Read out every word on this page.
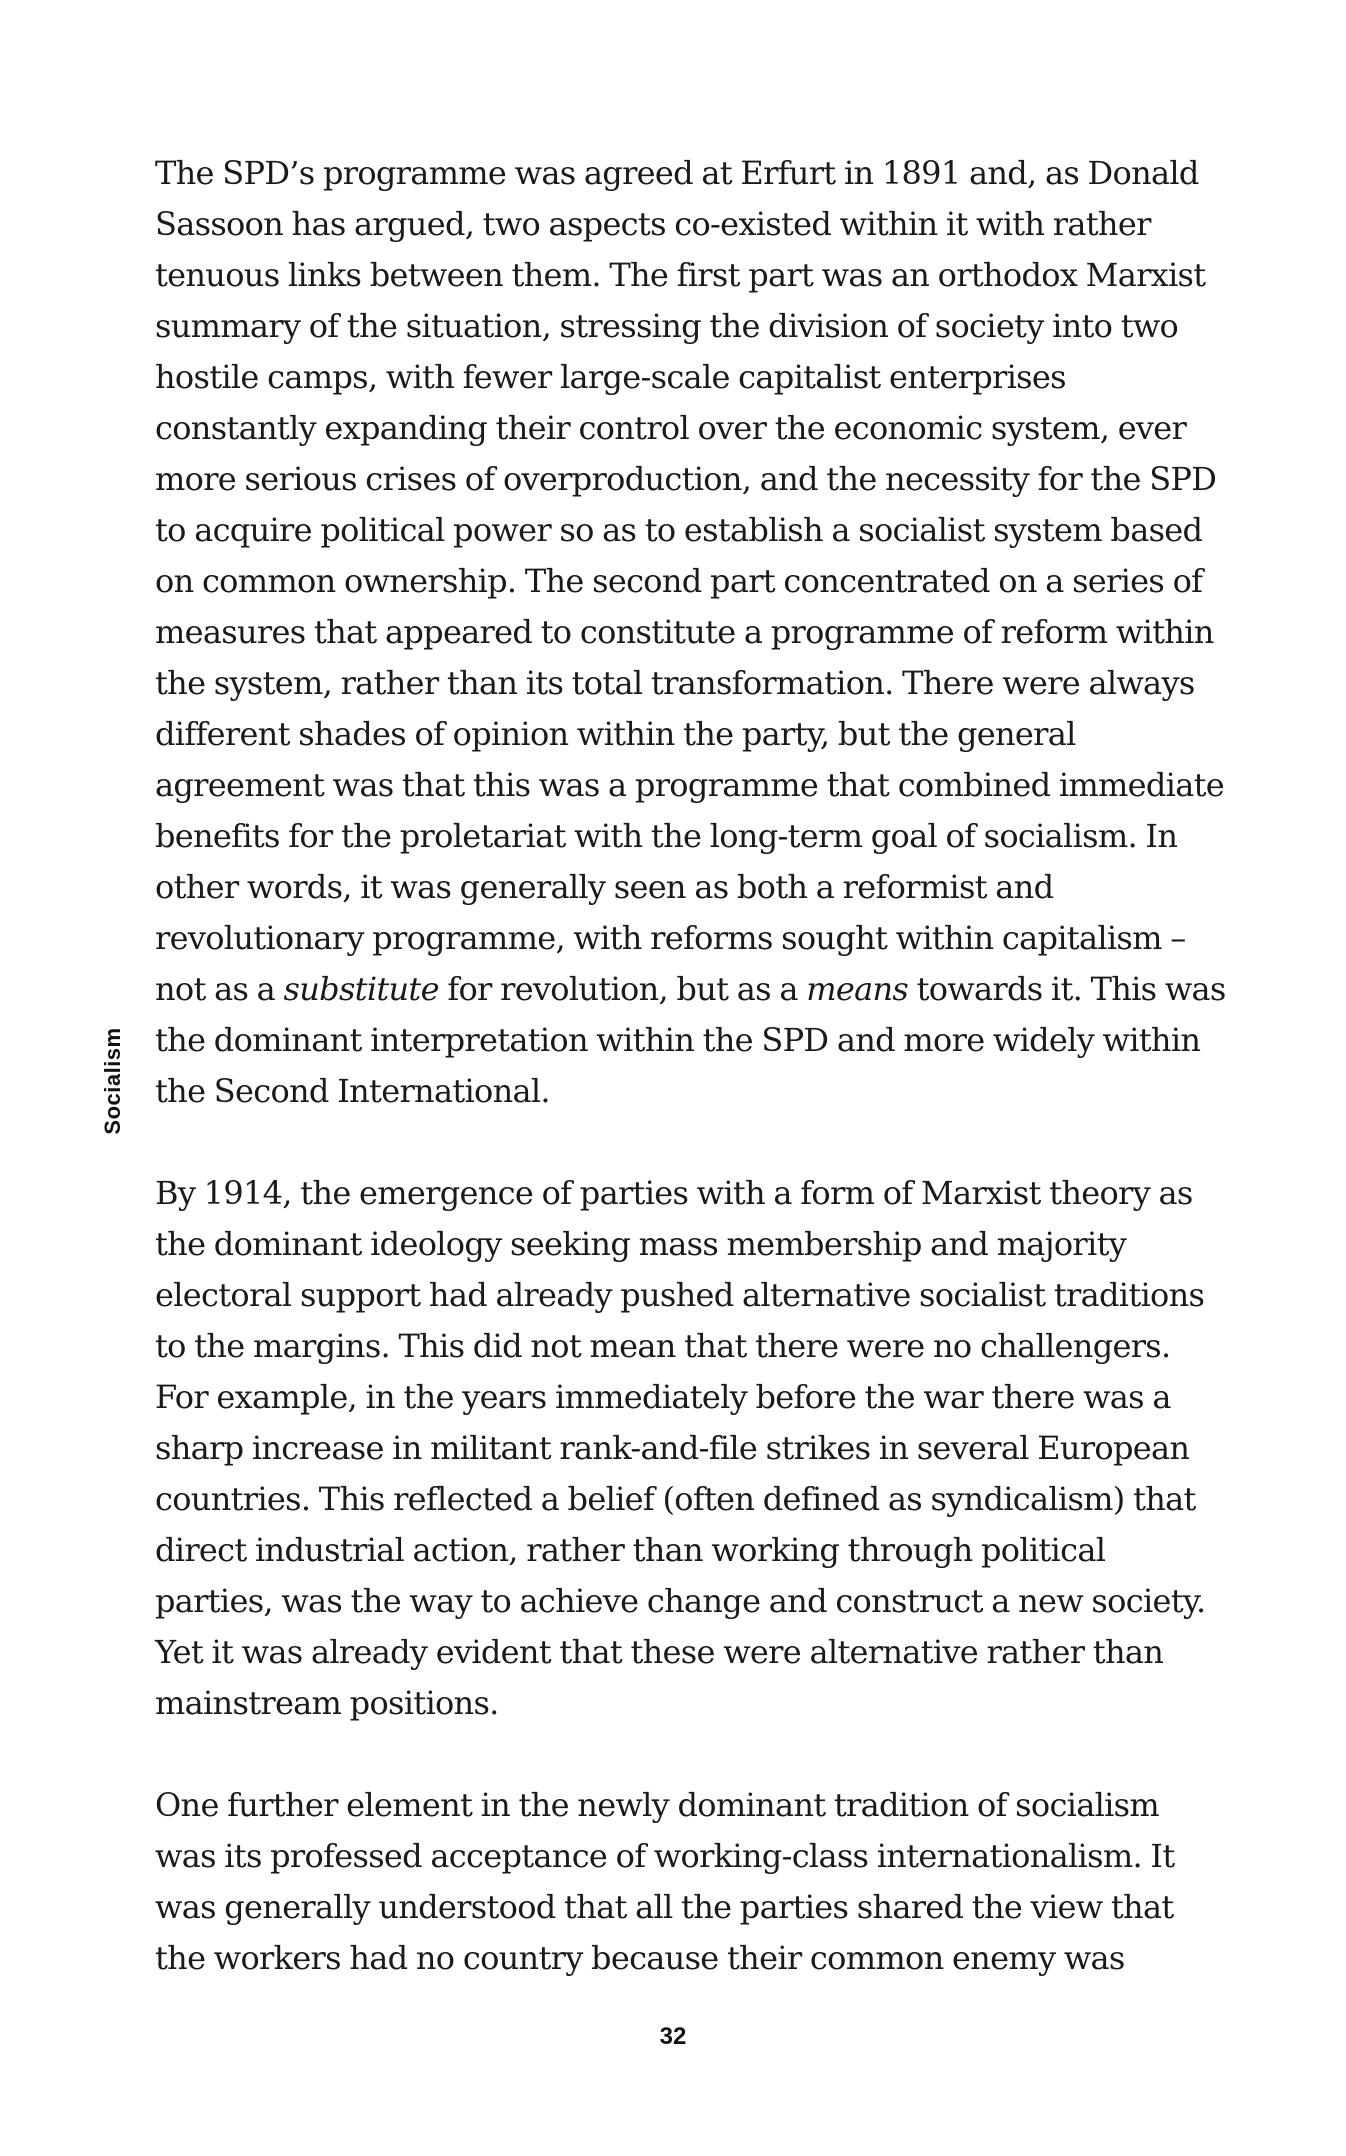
Socialism

The SPD’s programme was agreed at Erfurt in 1891 and, as Donald Sassoon has argued, two aspects co-existed within it with rather tenuous links between them. The first part was an orthodox Marxist summary of the situation, stressing the division of society into two hostile camps, with fewer large-scale capitalist enterprises constantly expanding their control over the economic system, ever more serious crises of overproduction, and the necessity for the SPD to acquire political power so as to establish a socialist system based on common ownership. The second part concentrated on a series of measures that appeared to constitute a programme of reform within the system, rather than its total transformation. There were always different shades of opinion within the party, but the general agreement was that this was a programme that combined immediate benefits for the proletariat with the long-term goal of socialism. In other words, it was generally seen as both a reformist and revolutionary programme, with reforms sought within capitalism – not as a substitute for revolution, but as a means towards it. This was the dominant interpretation within the SPD and more widely within the Second International.

By 1914, the emergence of parties with a form of Marxist theory as the dominant ideology seeking mass membership and majority electoral support had already pushed alternative socialist traditions to the margins. This did not mean that there were no challengers. For example, in the years immediately before the war there was a sharp increase in militant rank-and-file strikes in several European countries. This reflected a belief (often defined as syndicalism) that direct industrial action, rather than working through political parties, was the way to achieve change and construct a new society. Yet it was already evident that these were alternative rather than mainstream positions.

One further element in the newly dominant tradition of socialism was its professed acceptance of working-class internationalism. It was generally understood that all the parties shared the view that the workers had no country because their common enemy was

32
